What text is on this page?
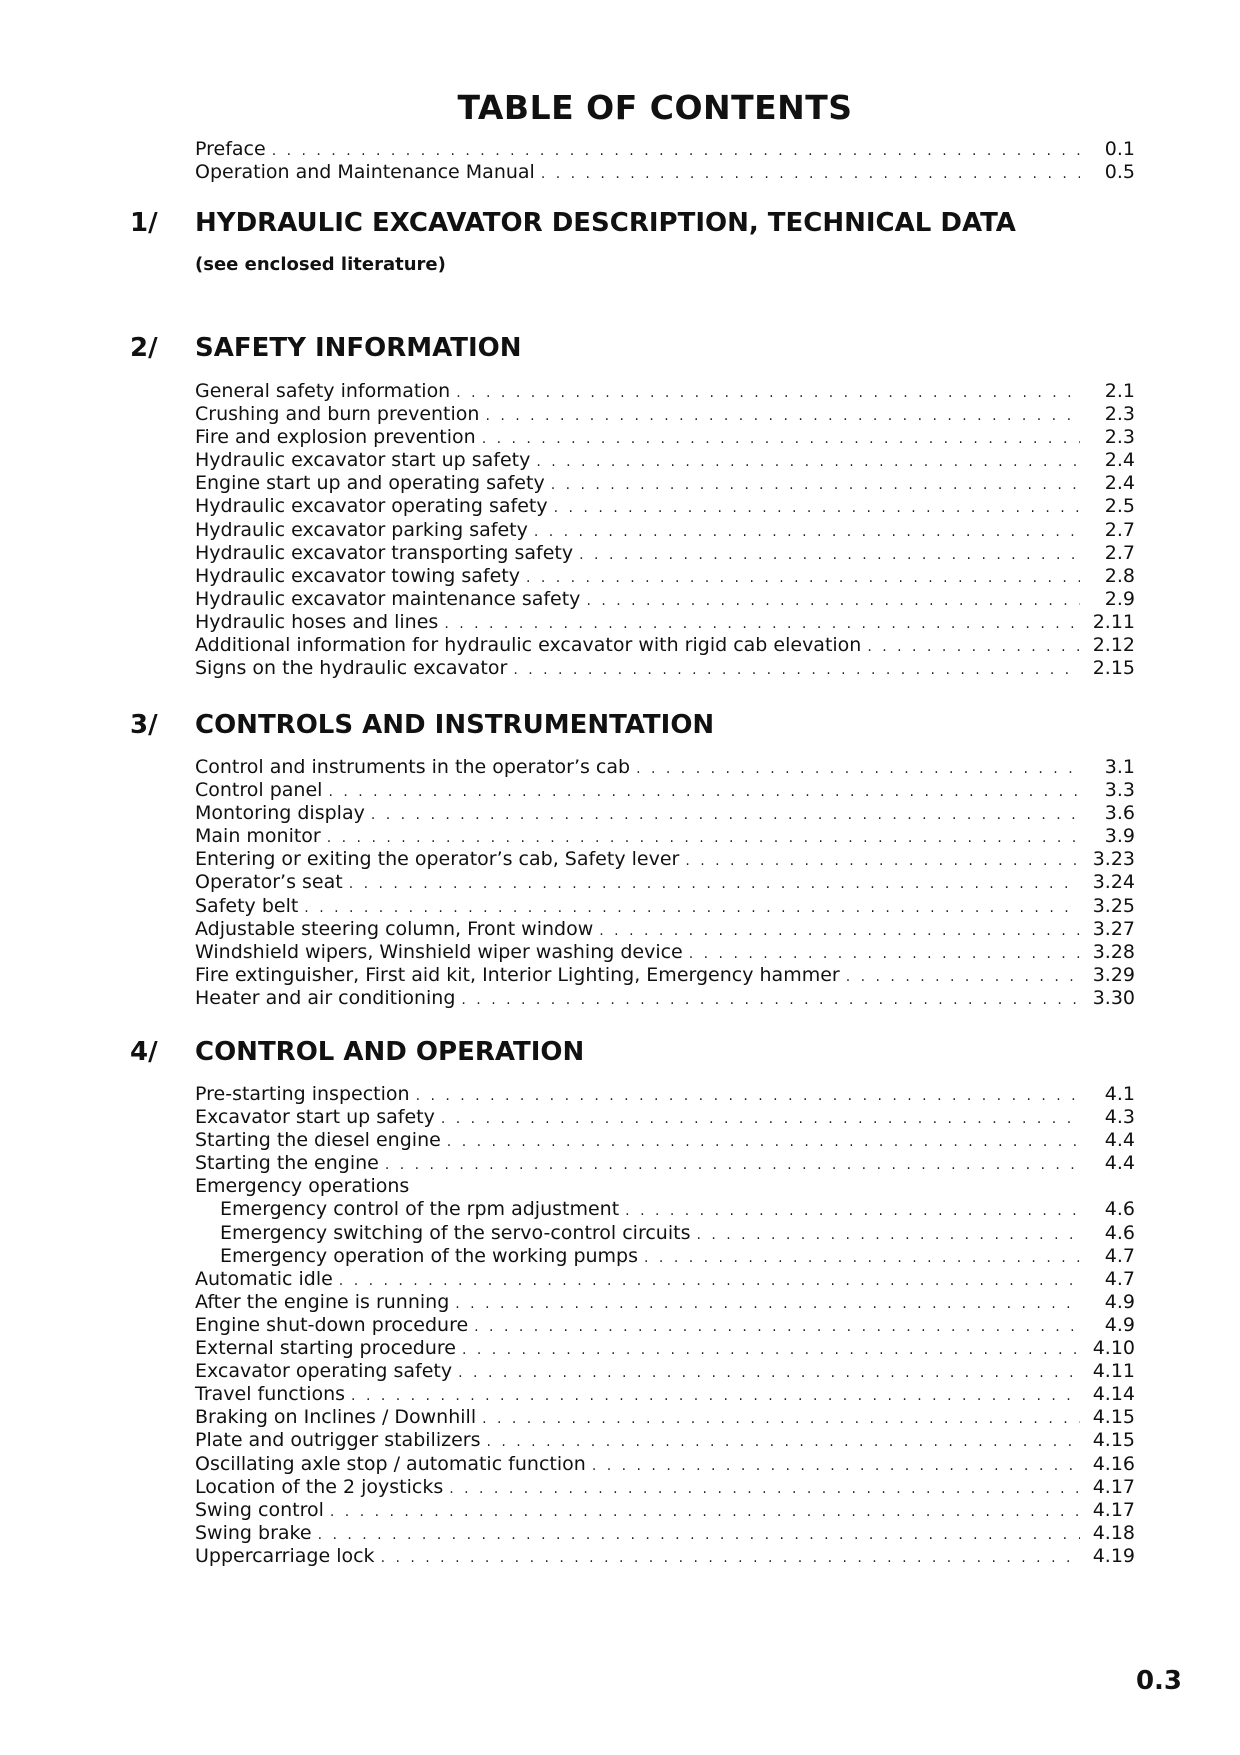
TABLE OF CONTENTS
Preface . . .	0.1
Operation and Maintenance Manual . . .	0.5
1/ HYDRAULIC EXCAVATOR DESCRIPTION, TECHNICAL DATA
(see enclosed literature)
2/ SAFETY INFORMATION
General safety information . . .	2.1
Crushing and burn prevention . . .	2.3
Fire and explosion prevention . . .	2.3
Hydraulic excavator start up safety . . .	2.4
Engine start up and operating safety . . .	2.4
Hydraulic excavator operating safety . . .	2.5
Hydraulic excavator parking safety . . .	2.7
Hydraulic excavator transporting safety . . .	2.7
Hydraulic excavator towing safety . . .	2.8
Hydraulic excavator maintenance safety . . .	2.9
Hydraulic hoses and lines . . .	2.11
Additional information for hydraulic excavator with rigid cab elevation . . .	2.12
Signs on the hydraulic excavator . . .	2.15
3/ CONTROLS AND INSTRUMENTATION
Control and instruments in the operator’s cab . . .	3.1
Control panel . . .	3.3
Montoring display . . .	3.6
Main monitor . . .	3.9
Entering or exiting the operator’s cab, Safety lever . . .	3.23
Operator’s seat . . .	3.24
Safety belt . . .	3.25
Adjustable steering column, Front window . . .	3.27
Windshield wipers, Winshield wiper washing device . . .	3.28
Fire extinguisher, First aid kit, Interior Lighting, Emergency hammer . . .	3.29
Heater and air conditioning . . .	3.30
4/ CONTROL AND OPERATION
Pre-starting inspection . . .	4.1
Excavator start up safety . . .	4.3
Starting the diesel engine . . .	4.4
Starting the engine . . .	4.4
Emergency operations
Emergency control of the rpm adjustment . . .	4.6
Emergency switching of the servo-control circuits . . .	4.6
Emergency operation of the working pumps . . .	4.7
Automatic idle . . .	4.7
After the engine is running . . .	4.9
Engine shut-down procedure . . .	4.9
External starting procedure . . .	4.10
Excavator operating safety . . .	4.11
Travel functions . . .	4.14
Braking on Inclines / Downhill . . .	4.15
Plate and outrigger stabilizers . . .	4.15
Oscillating axle stop / automatic function . . .	4.16
Location of the 2 joysticks . . .	4.17
Swing control . . .	4.17
Swing brake . . .	4.18
Uppercarriage lock . . .	4.19
0.3
